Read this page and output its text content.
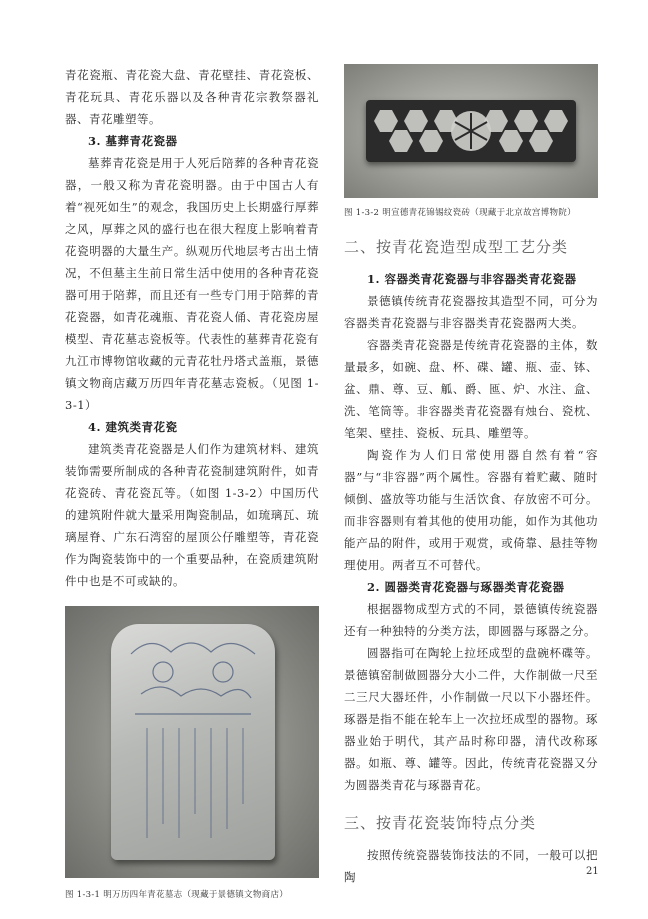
青花瓷瓶、青花瓷大盘、青花壁挂、青花瓷板、青花玩具、青花乐器以及各种青花宗教祭器礼器、青花雕塑等。

3. 墓葬青花瓷器

墓葬青花瓷是用于人死后陪葬的各种青花瓷器，一般又称为青花瓷明器。由于中国古人有着“视死如生”的观念，我国历史上长期盛行厚葬之风，厚葬之风的盛行也在很大程度上影响着青花瓷明器的大量生产。纵观历代地层考古出土情况，不但墓主生前日常生活中使用的各种青花瓷器可用于陪葬，而且还有一些专门用于陪葬的青花瓷器，如青花魂瓶、青花瓷人俑、青花瓷房屋模型、青花墓志瓷板等。代表性的墓葬青花瓷有九江市博物馆收藏的元青花牡丹塔式盖瓶，景德镇文物商店藏万历四年青花墓志瓷板。（见图 1-3-1）

4. 建筑类青花瓷

建筑类青花瓷器是人们作为建筑材料、建筑装饰需要所制成的各种青花瓷制建筑附件，如青花瓷砖、青花瓷瓦等。（如图 1-3-2）中国历代的建筑附件就大量采用陶瓷制品，如琉璃瓦、琉璃屋脊、广东石湾窑的屋顶公仔雕塑等，青花瓷作为陶瓷装饰中的一个重要品种，在瓷质建筑附件中也是不可或缺的。

图 1-3-1 明万历四年青花墓志（现藏于景德镇文物商店）
图 1-3-2 明宣德青花锦锡纹瓷砖（现藏于北京故宫博物院）
二、按青花瓷造型成型工艺分类
1. 容器类青花瓷器与非容器类青花瓷器

景德镇传统青花瓷器按其造型不同，可分为容器类青花瓷器与非容器类青花瓷器两大类。

容器类青花瓷器是传统青花瓷器的主体，数量最多，如碗、盘、杯、碟、罐、瓶、壶、钵、盆、鼎、尊、豆、觚、爵、匜、炉、水注、盒、洗、笔筒等。非容器类青花瓷器有烛台、瓷枕、笔架、壁挂、瓷板、玩具、雕塑等。

陶瓷作为人们日常使用器自然有着“容器”与“非容器”两个属性。容器有着贮藏、随时倾倒、盛放等功能与生活饮食、存放密不可分。而非容器则有着其他的使用功能，如作为其他功能产品的附件，或用于观赏，或倚靠、悬挂等物理使用。两者互不可替代。

2. 圆器类青花瓷器与琢器类青花瓷器

根据器物成型方式的不同，景德镇传统瓷器还有一种独特的分类方法，即圆器与琢器之分。

圆器指可在陶轮上拉坯成型的盘碗杯碟等。景德镇窑制做圆器分大小二件，大作制做一尺至二三尺大器坯件，小作制做一尺以下小器坯件。琢器是指不能在轮车上一次拉坯成型的器物。琢器业始于明代，其产品时称印器，清代改称琢器。如瓶、尊、罐等。因此，传统青花瓷器又分为圆器类青花与琢器青花。

三、按青花瓷装饰特点分类

按照传统瓷器装饰技法的不同，一般可以把陶	21
